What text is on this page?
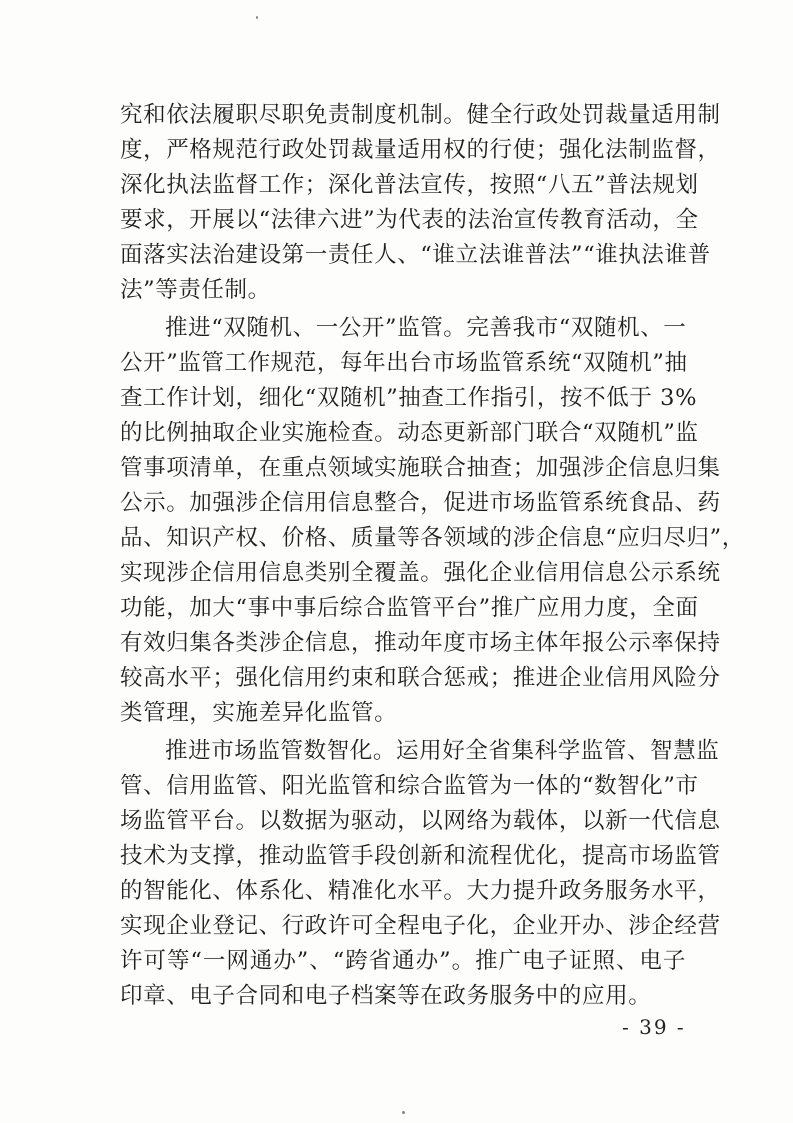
究和依法履职尽职免责制度机制。健全行政处罚裁量适用制
度，严格规范行政处罚裁量适用权的行使；强化法制监督，
深化执法监督工作；深化普法宣传，按照“八五”普法规划
要求，开展以“法律六进”为代表的法治宣传教育活动，全
面落实法治建设第一责任人、“谁立法谁普法”“谁执法谁普
法”等责任制。
推进“双随机、一公开”监管。完善我市“双随机、一
公开”监管工作规范，每年出台市场监管系统“双随机”抽
查工作计划，细化“双随机”抽查工作指引，按不低于 3%
的比例抽取企业实施检查。动态更新部门联合“双随机”监
管事项清单，在重点领域实施联合抽查；加强涉企信息归集
公示。加强涉企信用信息整合，促进市场监管系统食品、药
品、知识产权、价格、质量等各领域的涉企信息“应归尽归”，
实现涉企信用信息类别全覆盖。强化企业信用信息公示系统
功能，加大“事中事后综合监管平台”推广应用力度，全面
有效归集各类涉企信息，推动年度市场主体年报公示率保持
较高水平；强化信用约束和联合惩戒；推进企业信用风险分
类管理，实施差异化监管。
推进市场监管数智化。运用好全省集科学监管、智慧监
管、信用监管、阳光监管和综合监管为一体的“数智化”市
场监管平台。以数据为驱动，以网络为载体，以新一代信息
技术为支撑，推动监管手段创新和流程优化，提高市场监管
的智能化、体系化、精准化水平。大力提升政务服务水平，
实现企业登记、行政许可全程电子化，企业开办、涉企经营
许可等“一网通办”、“跨省通办”。推广电子证照、电子
印章、电子合同和电子档案等在政务服务中的应用。
- 39 -
